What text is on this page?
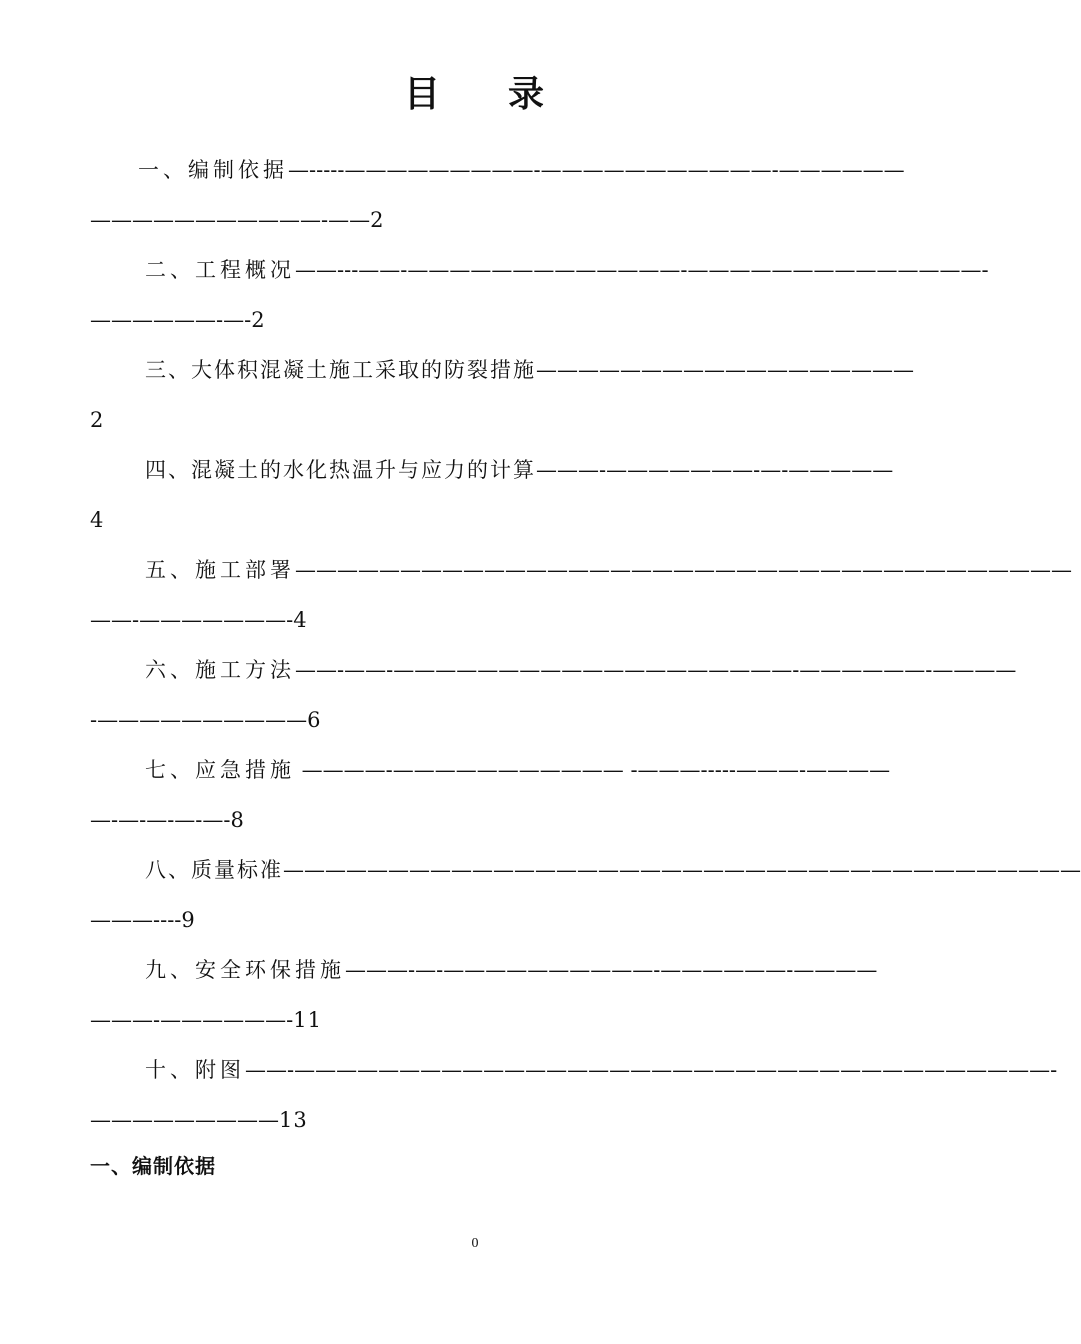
目 录
一、编制依据—-----—————————-———————————-——————
———————————-——2
二、工程概况——---——-—————————————-——————————————-
——————-—-2
三、大体积混凝土施工采取的防裂措施——————————————————
2
四、混凝土的水化热温升与应力的计算———-———————-—-—————
4
五、施工部署—————————————————————————————————————
——-———————-4
六、施工方法——-——-———————————————————-——————-————
-——————————6
七、应急措施 ————-——————————— -———-----———-————
—-—-—-—-—-8
八、质量标准——————————————————————————————————————
———----9
九、安全环保措施———-—-——————————-——————-————
———-——————-11
十、附图——-————————————————————————————————————-
—————————13
一、编制依据
0
